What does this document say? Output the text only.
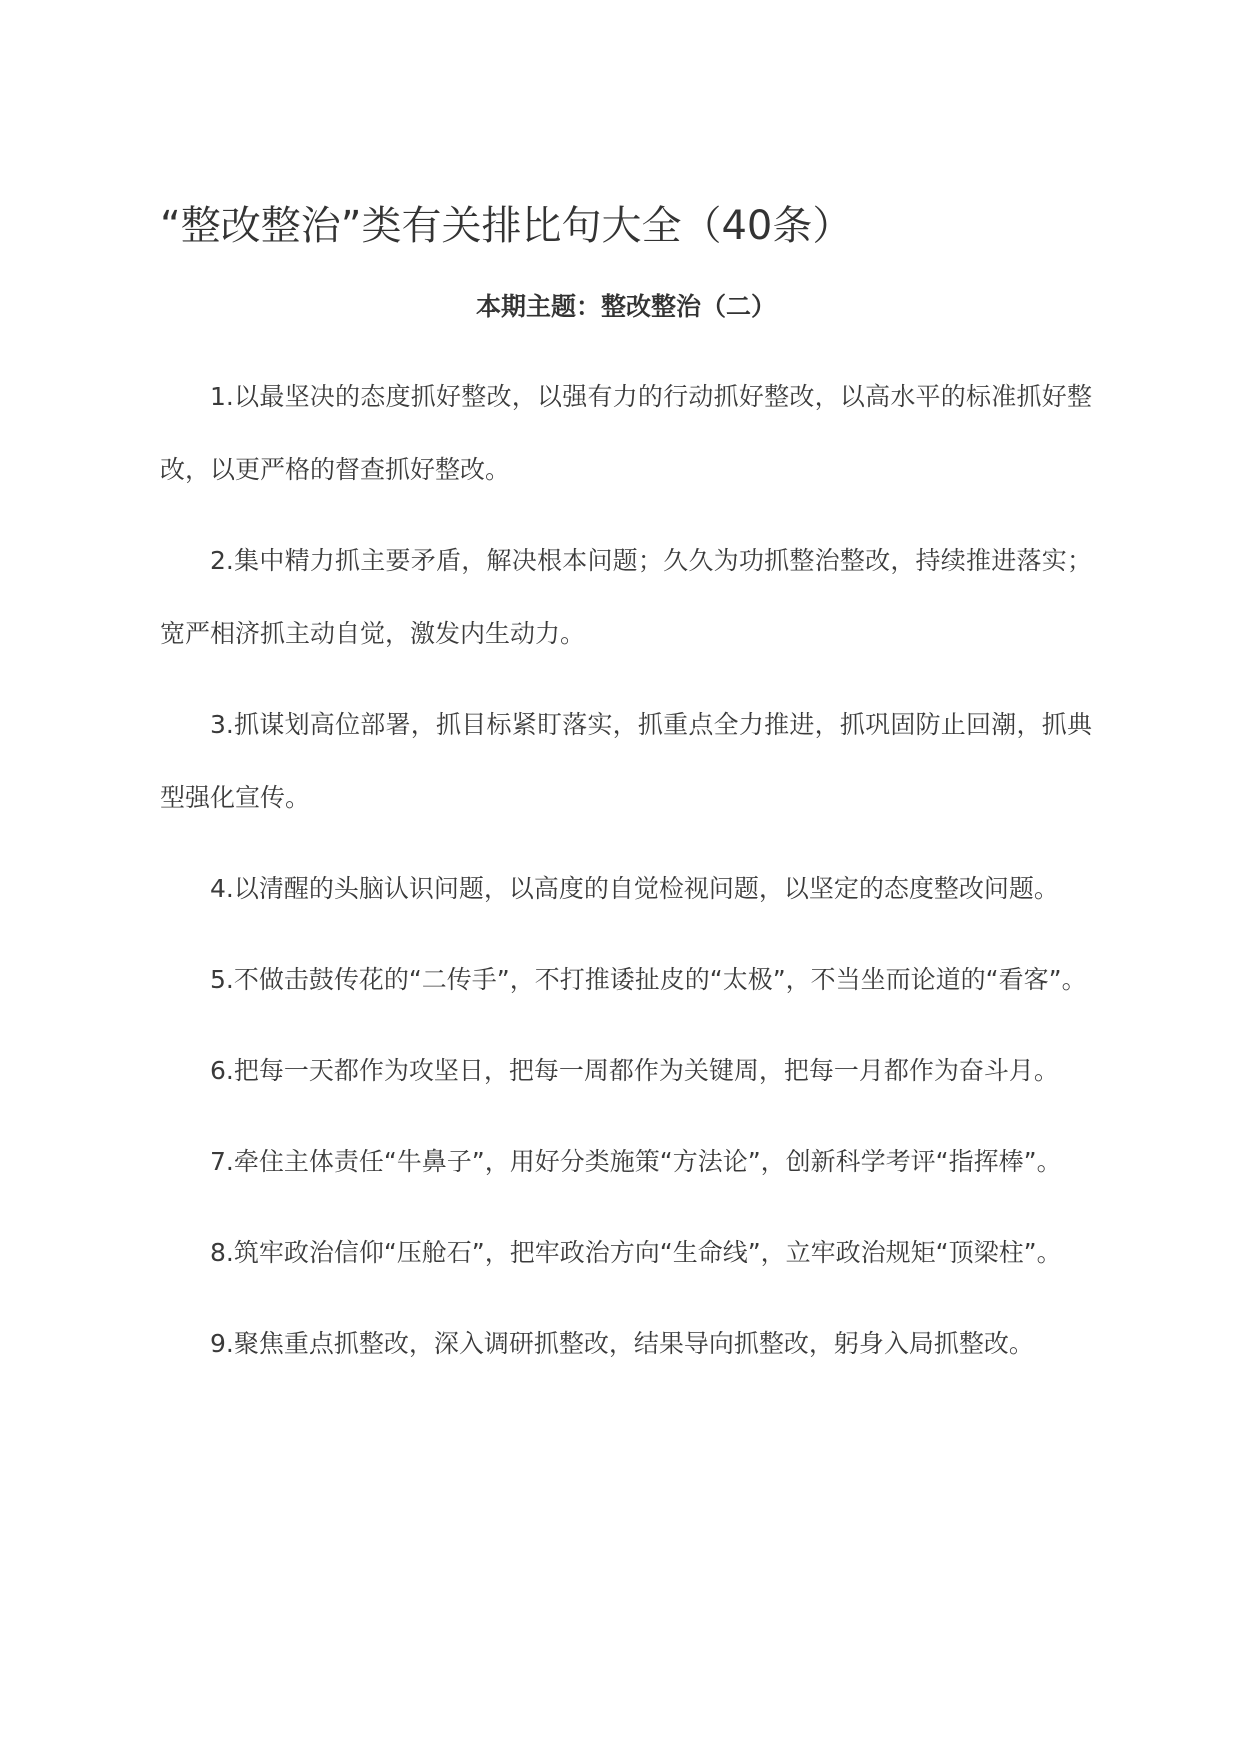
“整改整治”类有关排比句大全（40条）
本期主题：整改整治（二）

1.以最坚决的态度抓好整改，以强有力的行动抓好整改，以高水平的标准抓好整改，以更严格的督查抓好整改。

2.集中精力抓主要矛盾，解决根本问题；久久为功抓整治整改，持续推进落实；宽严相济抓主动自觉，激发内生动力。

3.抓谋划高位部署，抓目标紧盯落实，抓重点全力推进，抓巩固防止回潮，抓典型强化宣传。

4.以清醒的头脑认识问题，以高度的自觉检视问题，以坚定的态度整改问题。

5.不做击鼓传花的“二传手”，不打推诿扯皮的“太极”，不当坐而论道的“看客”。

6.把每一天都作为攻坚日，把每一周都作为关键周，把每一月都作为奋斗月。

7.牵住主体责任“牛鼻子”，用好分类施策“方法论”，创新科学考评“指挥棒”。

8.筑牢政治信仰“压舱石”，把牢政治方向“生命线”，立牢政治规矩“顶梁柱”。

9.聚焦重点抓整改，深入调研抓整改，结果导向抓整改，躬身入局抓整改。
